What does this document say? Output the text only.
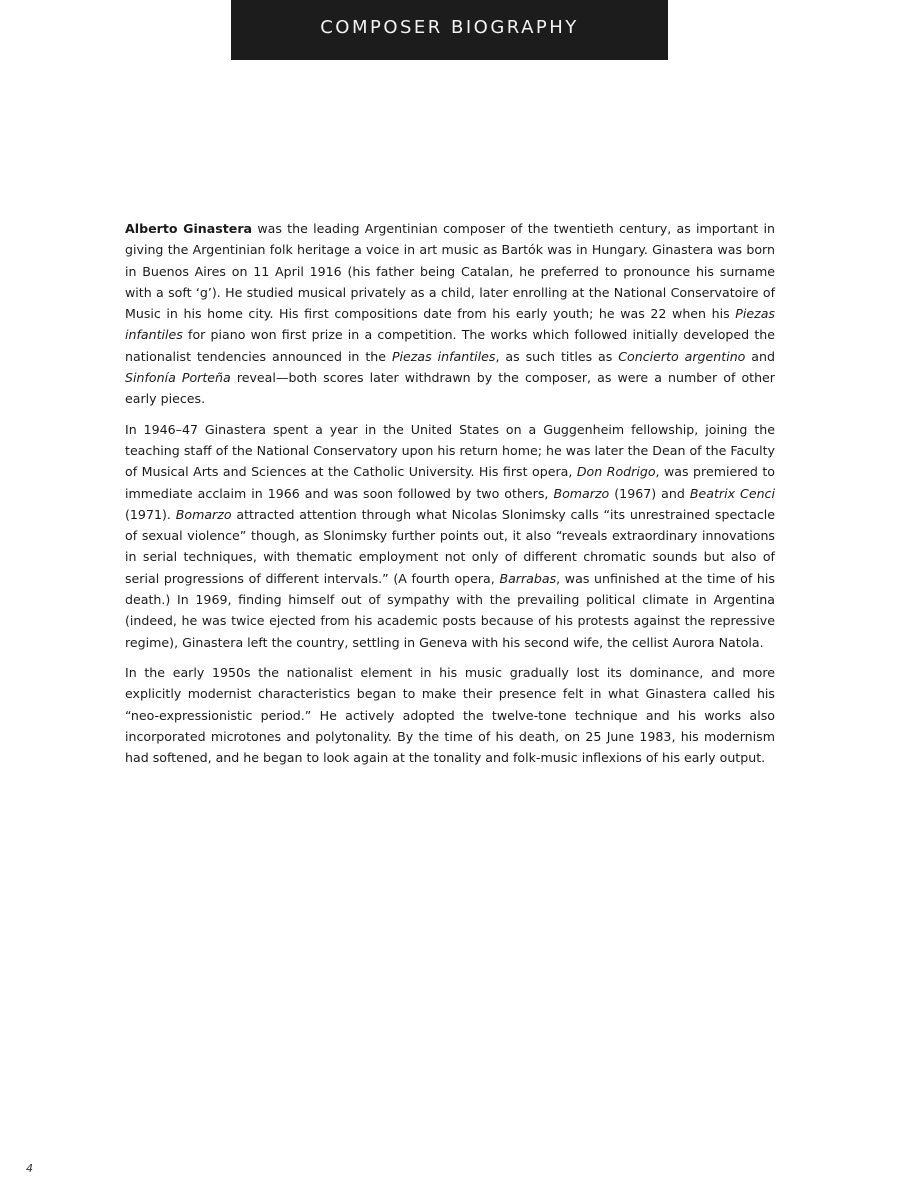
COMPOSER BIOGRAPHY

Alberto Ginastera was the leading Argentinian composer of the twentieth century, as important in giving the Argentinian folk heritage a voice in art music as Bartók was in Hungary. Ginastera was born in Buenos Aires on 11 April 1916 (his father being Catalan, he preferred to pronounce his surname with a soft ‘g’). He studied musical privately as a child, later enrolling at the National Conservatoire of Music in his home city. His first compositions date from his early youth; he was 22 when his Piezas infantiles for piano won first prize in a competition. The works which followed initially developed the nationalist tendencies announced in the Piezas infantiles, as such titles as Concierto argentino and Sinfonía Porteña reveal—both scores later withdrawn by the composer, as were a number of other early pieces.

In 1946–47 Ginastera spent a year in the United States on a Guggenheim fellowship, joining the teaching staff of the National Conservatory upon his return home; he was later the Dean of the Faculty of Musical Arts and Sciences at the Catholic University. His first opera, Don Rodrigo, was premiered to immediate acclaim in 1966 and was soon followed by two others, Bomarzo (1967) and Beatrix Cenci (1971). Bomarzo attracted attention through what Nicolas Slonimsky calls “its unrestrained spectacle of sexual violence” though, as Slonimsky further points out, it also “reveals extraordinary innovations in serial techniques, with thematic employment not only of different chromatic sounds but also of serial progressions of different intervals.” (A fourth opera, Barrabas, was unfinished at the time of his death.) In 1969, finding himself out of sympathy with the prevailing political climate in Argentina (indeed, he was twice ejected from his academic posts because of his protests against the repressive regime), Ginastera left the country, settling in Geneva with his second wife, the cellist Aurora Natola.

In the early 1950s the nationalist element in his music gradually lost its dominance, and more explicitly modernist characteristics began to make their presence felt in what Ginastera called his “neo-expressionistic period.” He actively adopted the twelve-tone technique and his works also incorporated microtones and polytonality. By the time of his death, on 25 June 1983, his modernism had softened, and he began to look again at the tonality and folk-music inflexions of his early output.

4
